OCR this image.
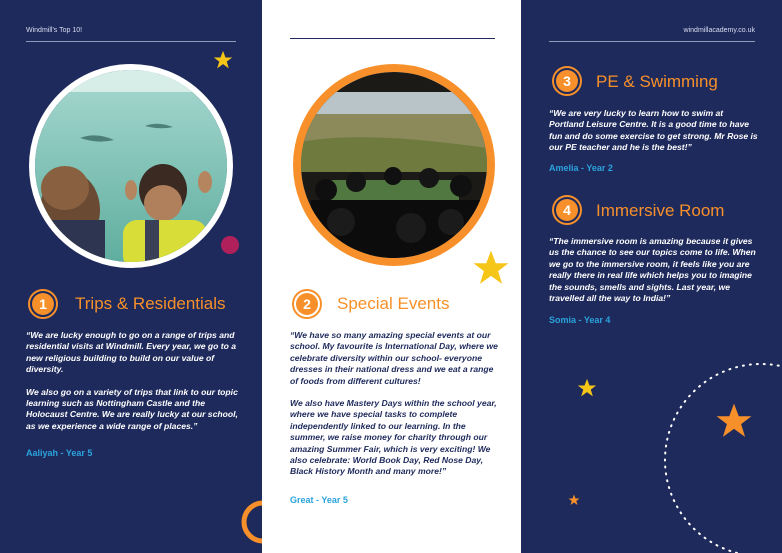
Windmill's Top 10!
1	Trips & Residentials

“We are lucky enough to go on a range of trips and residential visits at Windmill. Every year, we go to a new religious building to build on our value of diversity.

We also go on a variety of trips that link to our topic learning such as Nottingham Castle and the Holocaust Centre. We are really lucky at our school, as we experience a wide range of places.”

Aaliyah - Year 5
2	Special Events

“We have so many amazing special events at our school. My favourite is International Day, where we celebrate diversity within our school- everyone dresses in their national dress and we eat a range of foods from different cultures!

We also have Mastery Days within the school year, where we have special tasks to complete independently linked to our learning. In the summer, we raise money for charity through our amazing Summer Fair, which is very exciting! We also celebrate: World Book Day, Red Nose Day, Black History Month and many more!”

Great - Year 5
windmillacademy.co.uk
3	PE & Swimming
“We are very lucky to learn how to swim at Portland Leisure Centre. It is a good time to have fun and do some exercise to get strong. Mr Rose is our PE teacher and he is the best!”
Amelia - Year 2
4	Immersive Room
“The immersive room is amazing because it gives us the chance to see our topics come to life. When we go to the immersive room, it feels like you are really there in real life which helps you to imagine the sounds, smells and sights. Last year, we travelled all the way to India!”
Somia - Year 4
